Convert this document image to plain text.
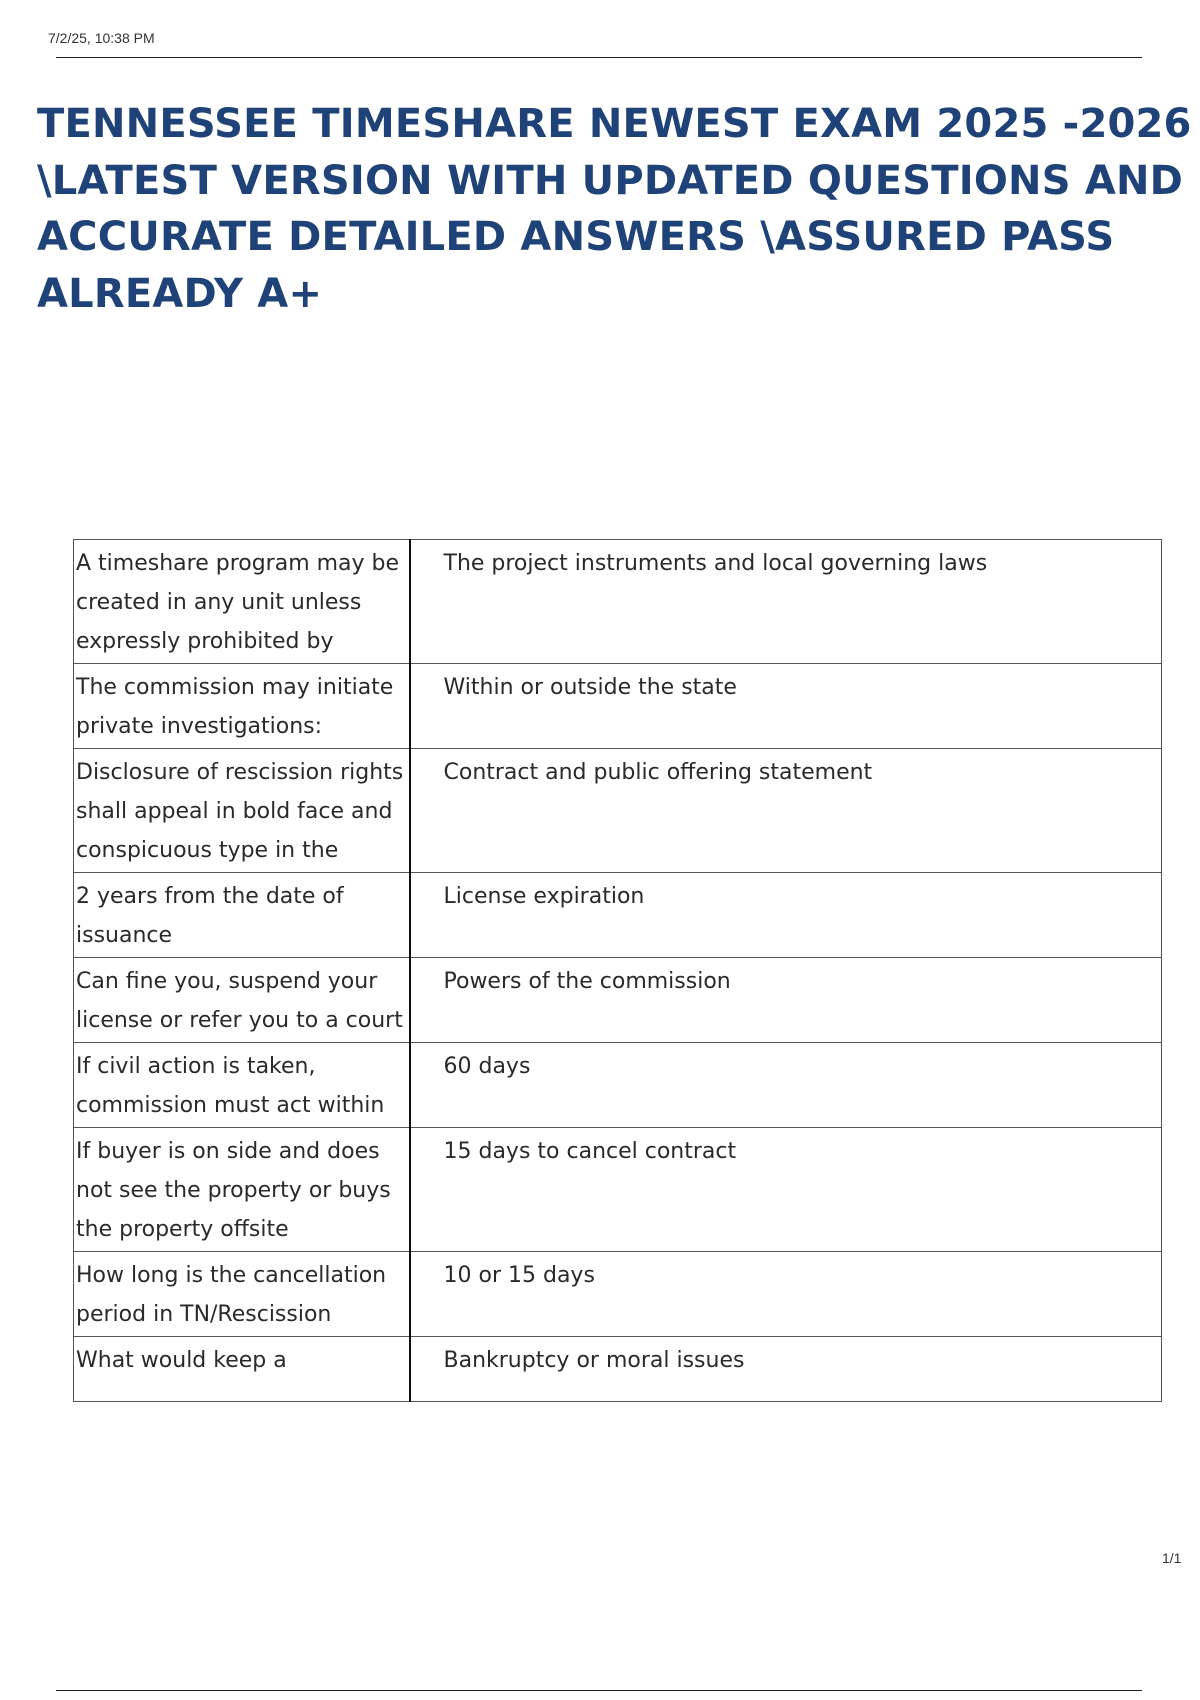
7/2/25, 10:38 PM
TENNESSEE TIMESHARE NEWEST EXAM 2025 -2026
\LATEST VERSION WITH UPDATED QUESTIONS AND
ACCURATE DETAILED ANSWERS \ASSURED PASS
ALREADY A+
A timeshare program may be created in any unit unless expressly prohibited by	The project instruments and local governing laws
The commission may initiate private investigations:	Within or outside the state
Disclosure of rescission rights shall appeal in bold face and conspicuous type in the	Contract and public offering statement
2 years from the date of issuance	License expiration
Can fine you, suspend your license or refer you to a court	Powers of the commission
If civil action is taken, commission must act within	60 days
If buyer is on side and does not see the property or buys the property offsite	15 days to cancel contract
How long is the cancellation period in TN/Rescission	10 or 15 days
What would keep a	Bankruptcy or moral issues
1/1
